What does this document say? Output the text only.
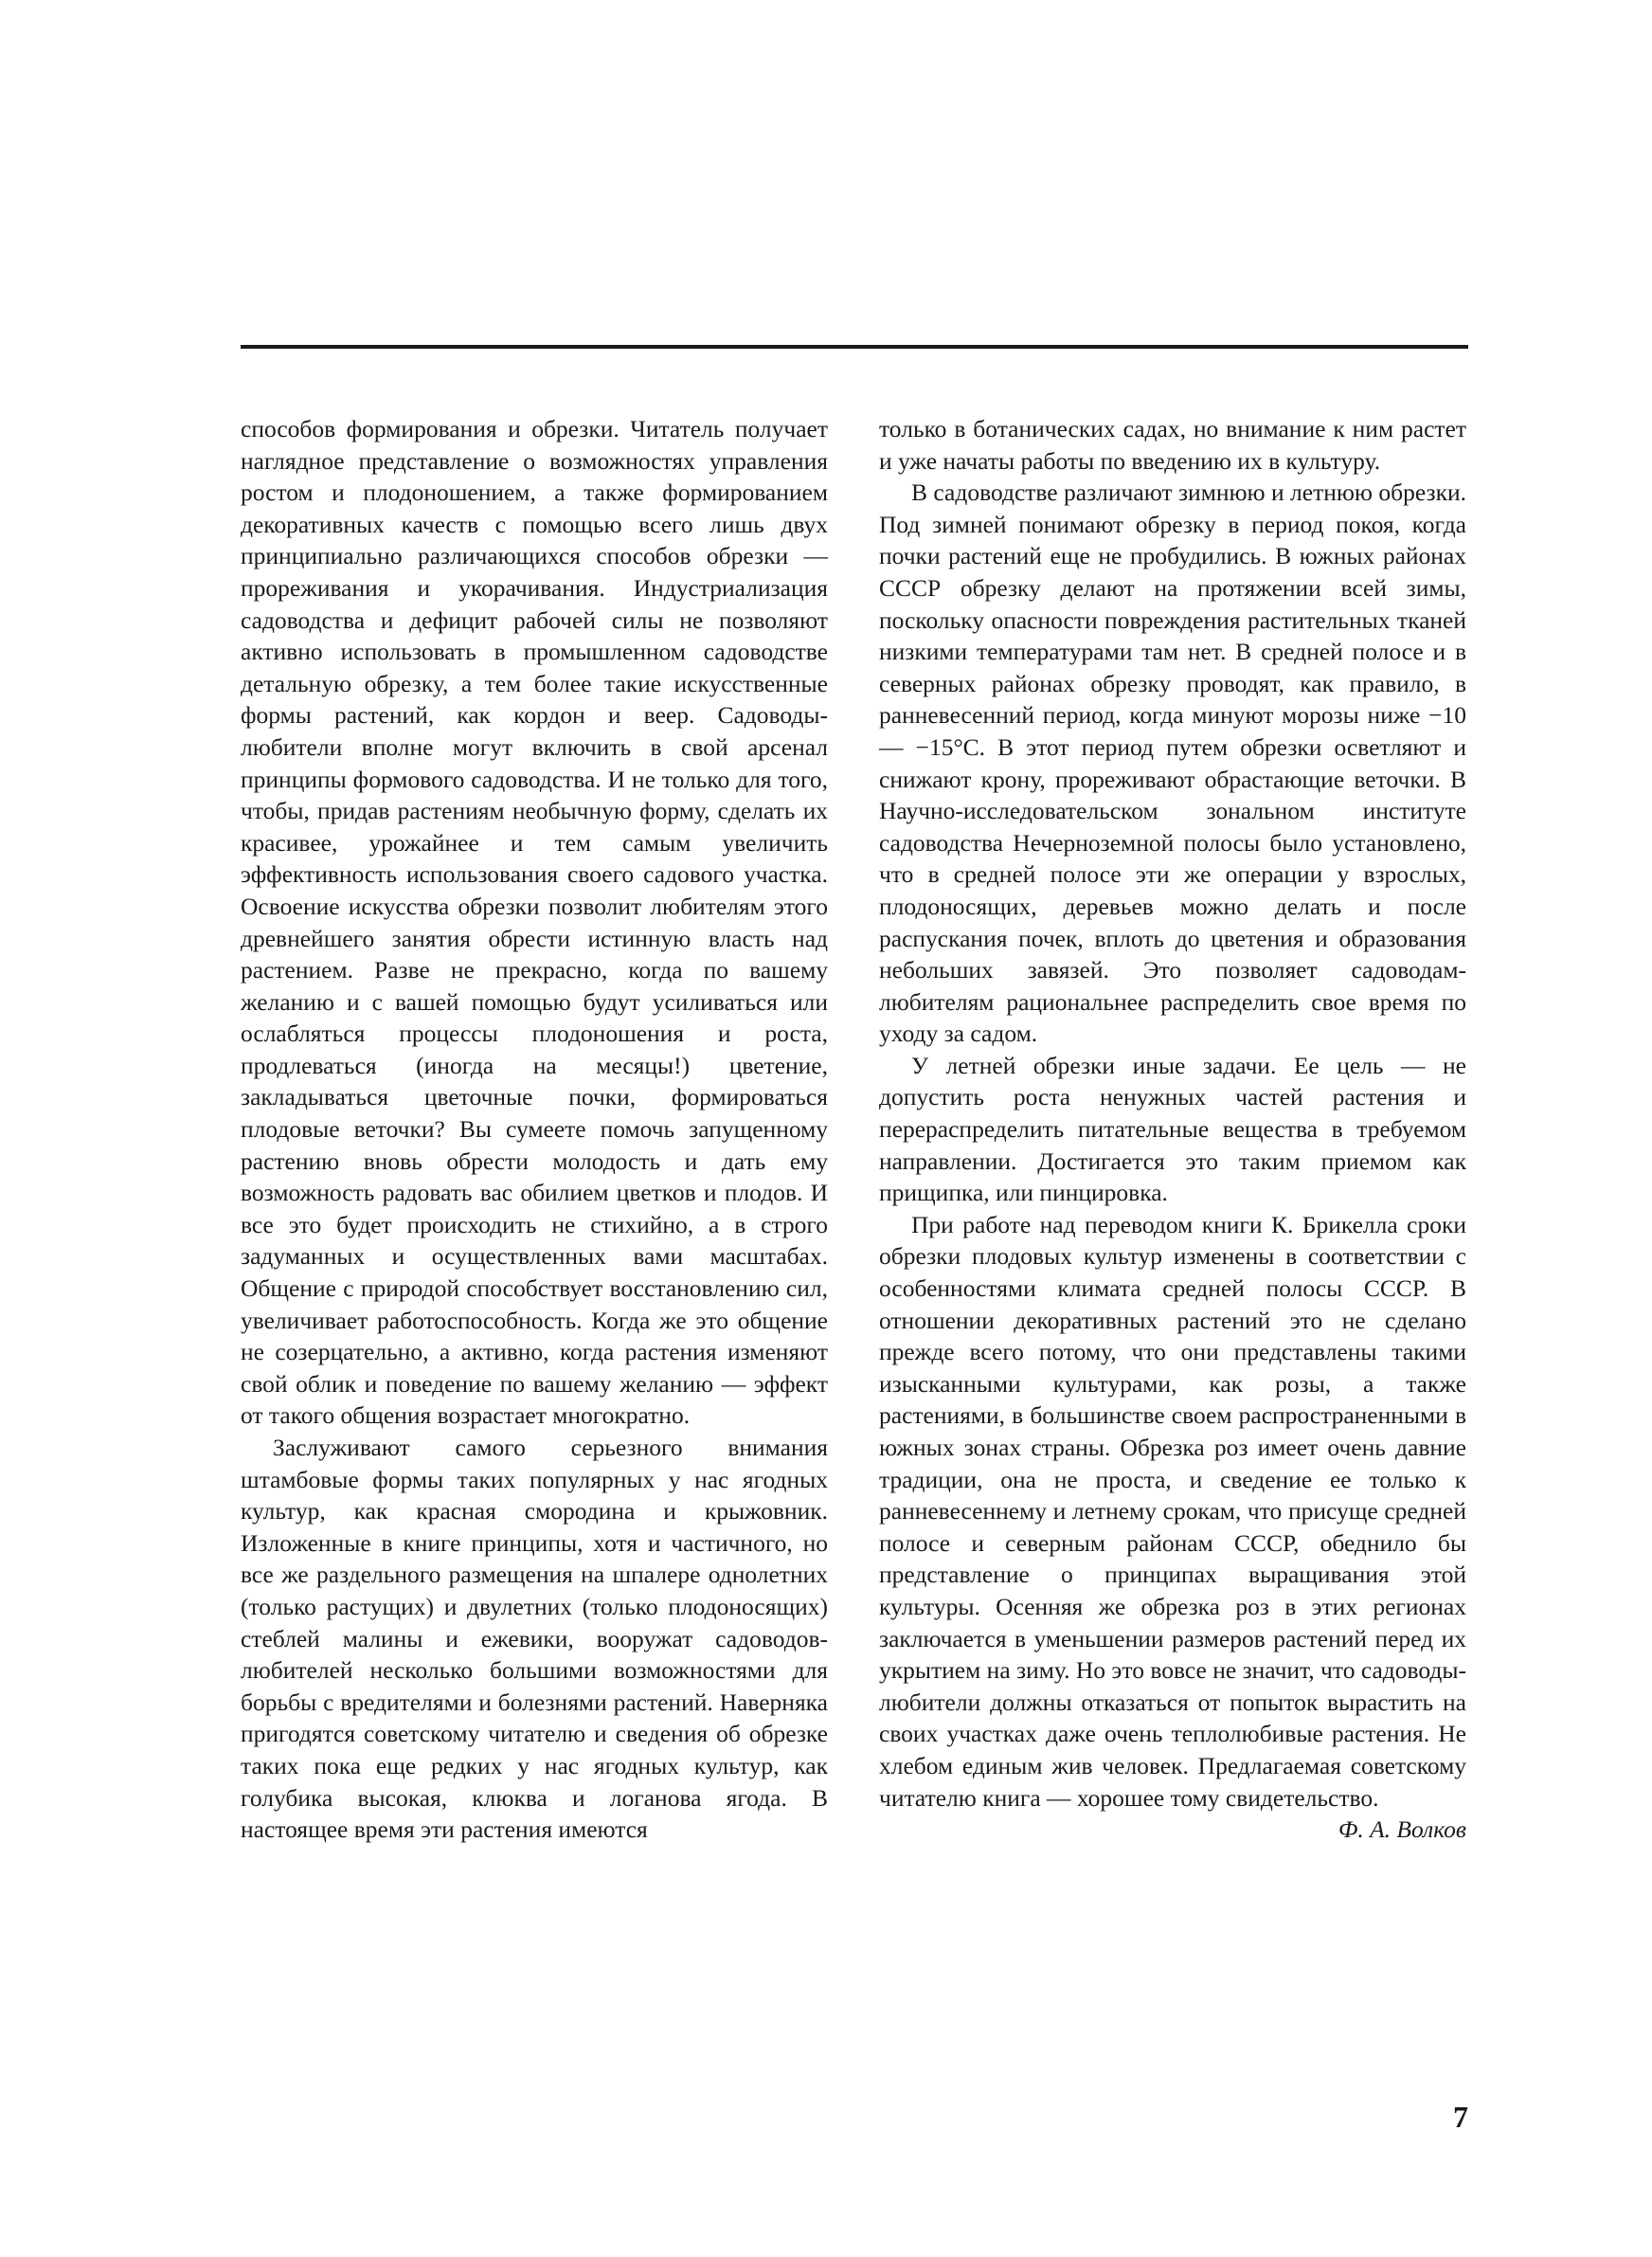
способов формирования и обрезки. Читатель получает наглядное представление о возможностях управления ростом и плодоношением, а также формированием декоративных качеств с помощью всего лишь двух принципиально различающихся способов обрезки — прореживания и укорачивания. Индустриализация садоводства и дефицит рабочей силы не позволяют активно использовать в промышленном садоводстве детальную обрезку, а тем более такие искусственные формы растений, как кордон и веер. Садоводы-любители вполне могут включить в свой арсенал принципы формового садоводства. И не только для того, чтобы, придав растениям необычную форму, сделать их красивее, урожайнее и тем самым увеличить эффективность использования своего садового участка. Освоение искусства обрезки позволит любителям этого древнейшего занятия обрести истинную власть над растением. Разве не прекрасно, когда по вашему желанию и с вашей помощью будут усиливаться или ослабляться процессы плодоношения и роста, продлеваться (иногда на месяцы!) цветение, закладываться цветочные почки, формироваться плодовые веточки? Вы сумеете помочь запущенному растению вновь обрести молодость и дать ему возможность радовать вас обилием цветков и плодов. И все это будет происходить не стихийно, а в строго задуманных и осуществленных вами масштабах. Общение с природой способствует восстановлению сил, увеличивает работоспособность. Когда же это общение не созерцательно, а активно, когда растения изменяют свой облик и поведение по вашему желанию — эффект от такого общения возрастает многократно.

Заслуживают самого серьезного внимания штамбовые формы таких популярных у нас ягодных культур, как красная смородина и крыжовник. Изложенные в книге принципы, хотя и частичного, но все же раздельного размещения на шпалере однолетних (только растущих) и двулетних (только плодоносящих) стеблей малины и ежевики, вооружат садоводов-любителей несколько большими возможностями для борьбы с вредителями и болезнями растений. Наверняка пригодятся советскому читателю и сведения об обрезке таких пока еще редких у нас ягодных культур, как голубика высокая, клюква и логанова ягода. В настоящее время эти растения имеются

только в ботанических садах, но внимание к ним растет и уже начаты работы по введению их в культуру.

В садоводстве различают зимнюю и летнюю обрезки. Под зимней понимают обрезку в период покоя, когда почки растений еще не пробудились. В южных районах СССР обрезку делают на протяжении всей зимы, поскольку опасности повреждения растительных тканей низкими температурами там нет. В средней полосе и в северных районах обрезку проводят, как правило, в ранневесенний период, когда минуют морозы ниже −10 — −15°С. В этот период путем обрезки осветляют и снижают крону, прореживают обрастающие веточки. В Научно-исследовательском зональном институте садоводства Нечерноземной полосы было установлено, что в средней полосе эти же операции у взрослых, плодоносящих, деревьев можно делать и после распускания почек, вплоть до цветения и образования небольших завязей. Это позволяет садоводам-любителям рациональнее распределить свое время по уходу за садом.

У летней обрезки иные задачи. Ее цель — не допустить роста ненужных частей растения и перераспределить питательные вещества в требуемом направлении. Достигается это таким приемом как прищипка, или пинцировка.

При работе над переводом книги К. Брикелла сроки обрезки плодовых культур изменены в соответствии с особенностями климата средней полосы СССР. В отношении декоративных растений это не сделано прежде всего потому, что они представлены такими изысканными культурами, как розы, а также растениями, в большинстве своем распространенными в южных зонах страны. Обрезка роз имеет очень давние традиции, она не проста, и сведение ее только к ранневесеннему и летнему срокам, что присуще средней полосе и северным районам СССР, обеднило бы представление о принципах выращивания этой культуры. Осенняя же обрезка роз в этих регионах заключается в уменьшении размеров растений перед их укрытием на зиму. Но это вовсе не значит, что садоводы-любители должны отказаться от попыток вырастить на своих участках даже очень теплолюбивые растения. Не хлебом единым жив человек. Предлагаемая советскому читателю книга — хорошее тому свидетельство.

Ф. А. Волков

7
